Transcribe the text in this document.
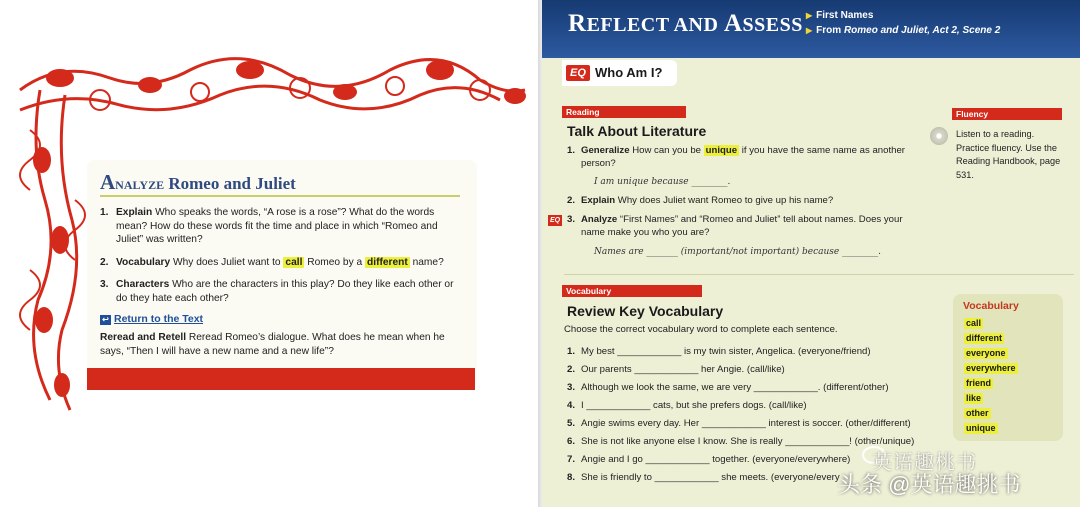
Analyze Romeo and Juliet
1. Explain Who speaks the words, “A rose is a rose”? What do the words mean? How do these words fit the time and place in which “Romeo and Juliet” was written?
2. Vocabulary Why does Juliet want to call Romeo by a different name?
3. Characters Who are the characters in this play? Do they like each other or do they hate each other?
↩ Return to the Text
Reread and Retell Reread Romeo’s dialogue. What does he mean when he says, “Then I will have a new name and a new life”?
REFLECT AND ASSESS ▶ First Names
▶ From Romeo and Juliet, Act 2, Scene 2
EQ Who Am I?
Reading
Talk About Literature
1. Generalize How can you be unique if you have the same name as another person?
I am unique because ________.
2. Explain Why does Juliet want Romeo to give up his name?
EQ 3. Analyze “First Names” and “Romeo and Juliet” tell about names. Does your name make you who you are?
Names are _______ (important/not important) because ________.
Fluency
Listen to a reading. Practice fluency. Use the Reading Handbook, page 531.
Vocabulary
Review Key Vocabulary
Choose the correct vocabulary word to complete each sentence.
1. My best ____________ is my twin sister, Angelica. (everyone/friend)
2. Our parents ____________ her Angie. (call/like)
3. Although we look the same, we are very ____________. (different/other)
4. I ____________ cats, but she prefers dogs. (call/like)
5. Angie swims every day. Her ____________ interest is soccer. (other/different)
6. She is not like anyone else I know. She is really ____________! (other/unique)
7. Angie and I go ____________ together. (everyone/everywhere)
8. She is friendly to ____________ she meets. (everyone/every
Vocabulary
call
different
everyone
everywhere
friend
like
other
unique
英语趣桃书
头条 @英语趣挑书
